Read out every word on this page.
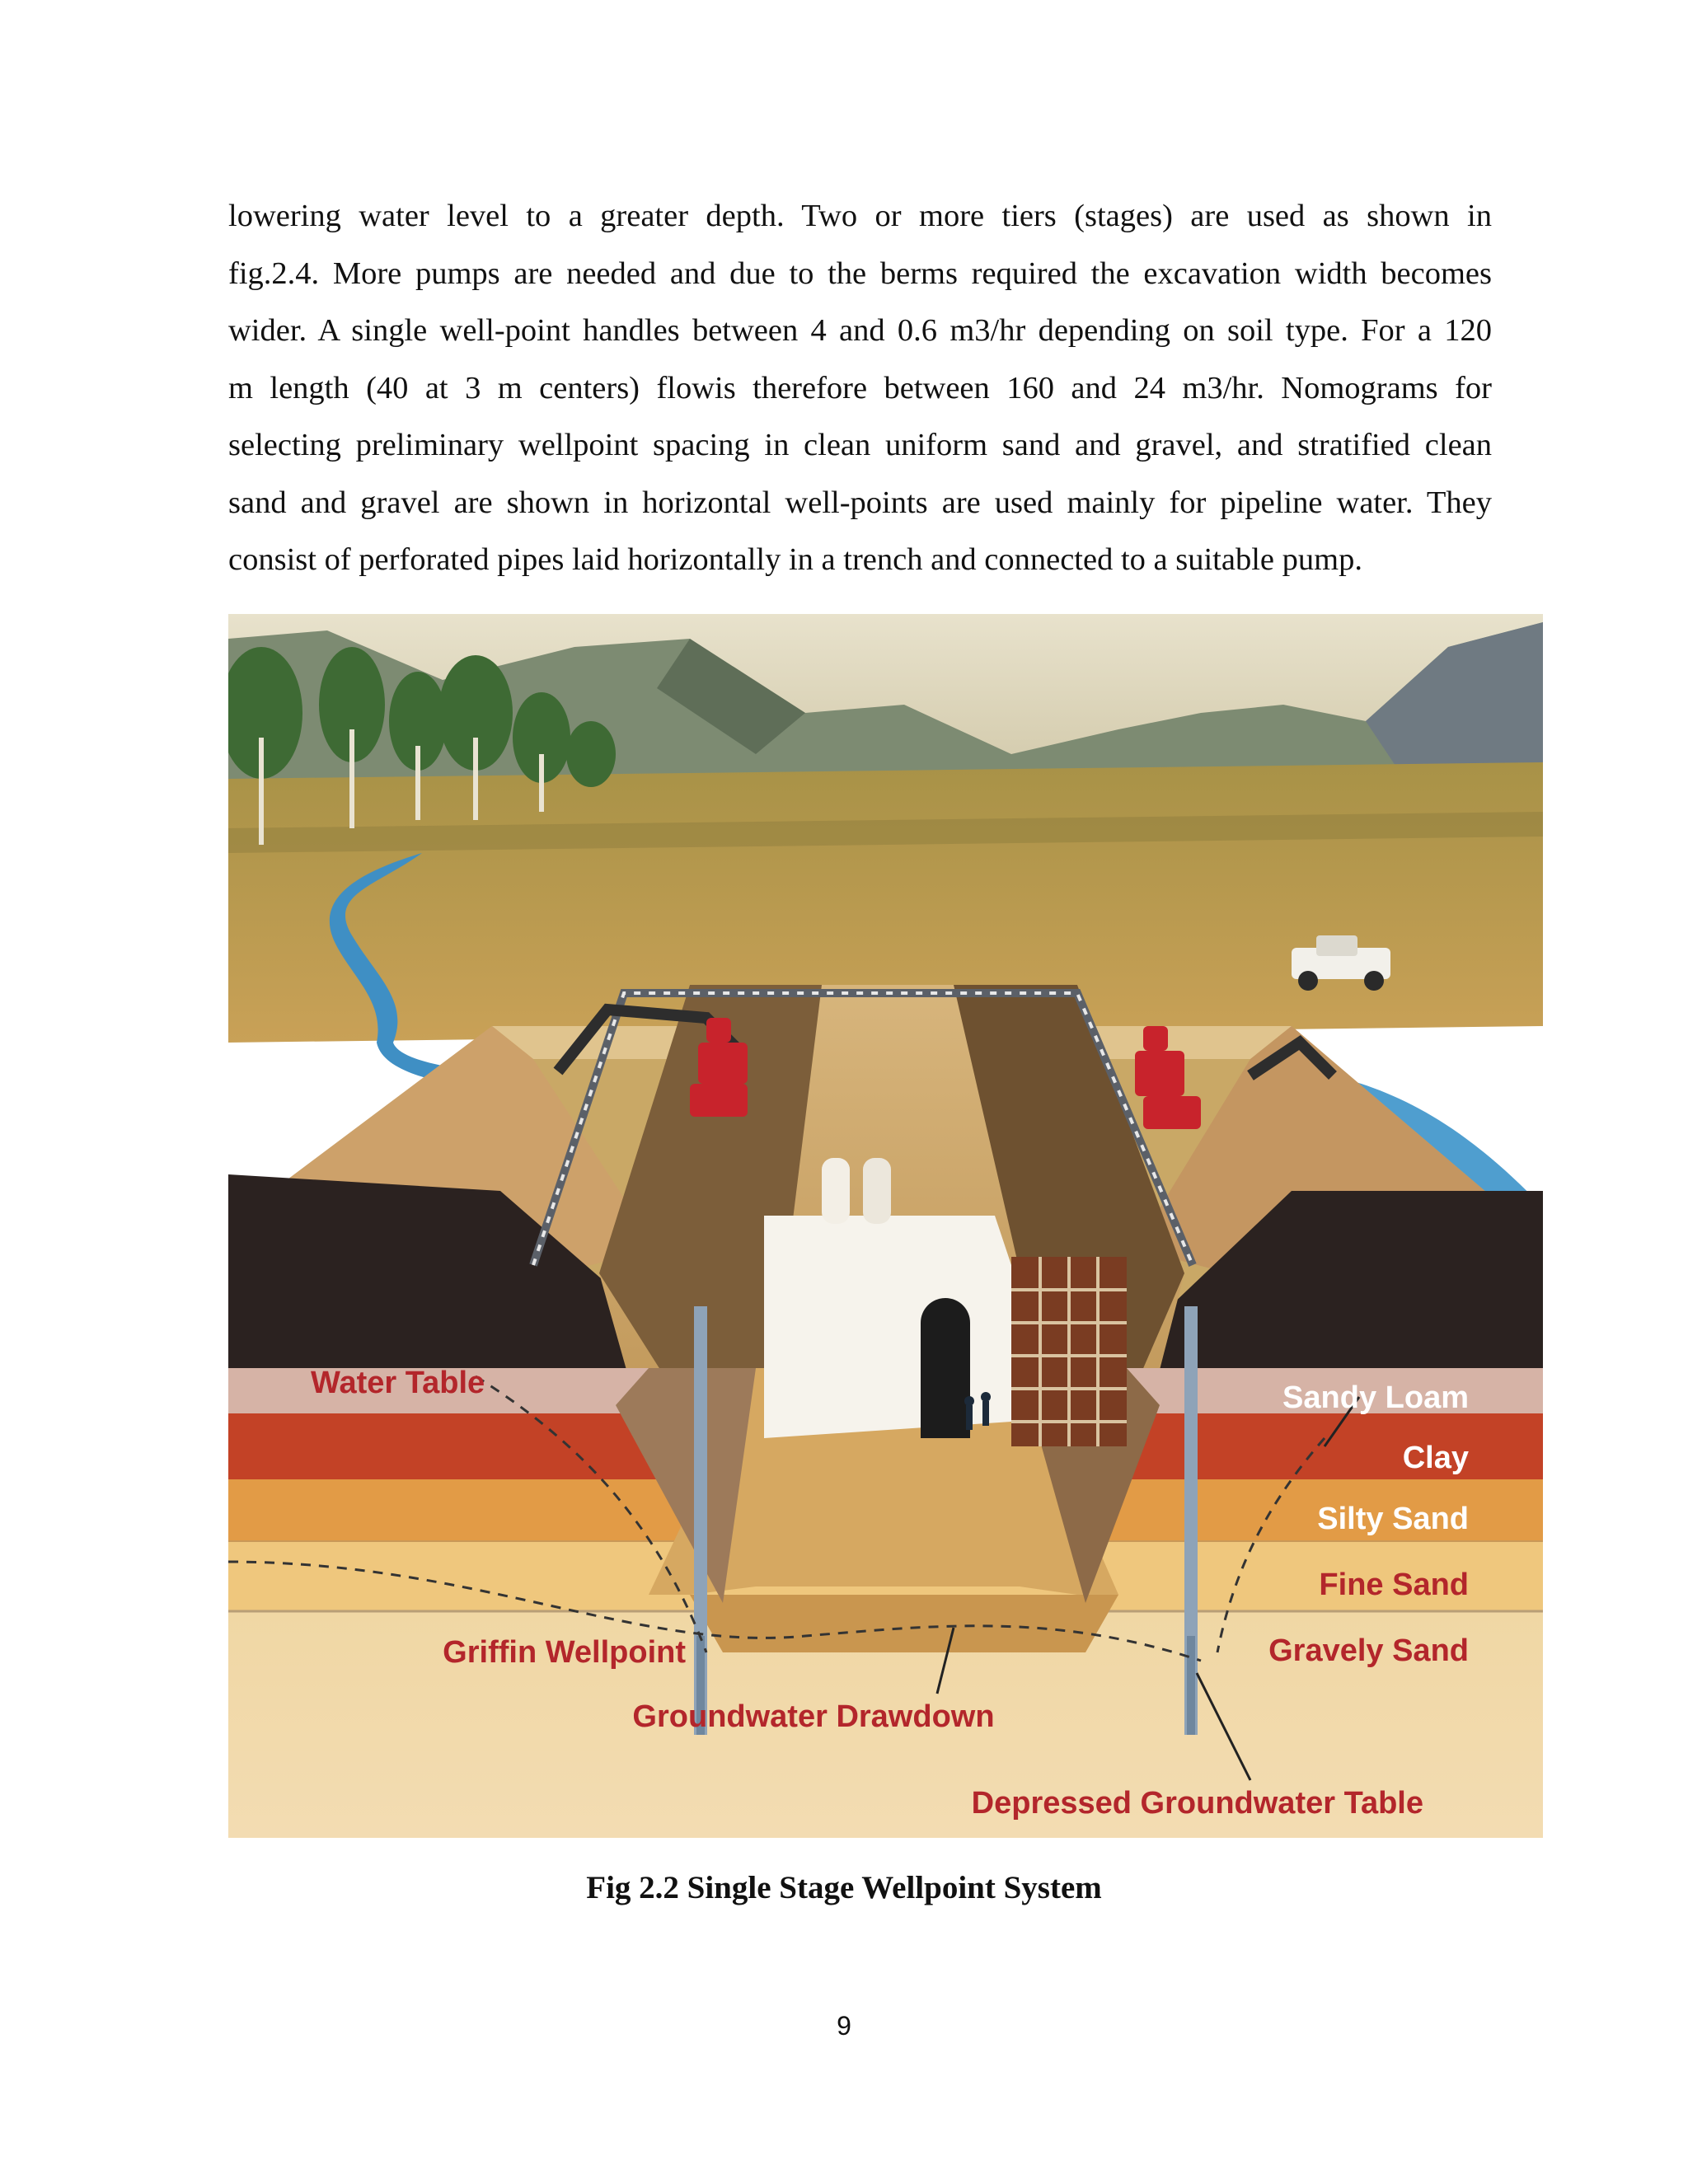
lowering water level to a greater depth. Two or more tiers (stages) are used as shown in
fig.2.4. More pumps are needed and due to the berms required the excavation width becomes
wider. A single well-point handles between 4 and 0.6 m3/hr depending on soil type. For a 120
m length (40 at 3 m centers) flowis therefore between 160 and 24 m3/hr. Nomograms for
selecting preliminary wellpoint spacing in clean uniform sand and gravel, and stratified clean
sand and gravel are shown in horizontal well-points are used mainly for pipeline water. They
consist of perforated pipes laid horizontally in a trench and connected to a suitable pump.
Water Table	Sandy Loam
Clay
Silty Sand
Fine Sand
Gravely Sand
Griffin Wellpoint
Groundwater Drawdown
Depressed Groundwater Table
Fig 2.2 Single Stage Wellpoint System
9
